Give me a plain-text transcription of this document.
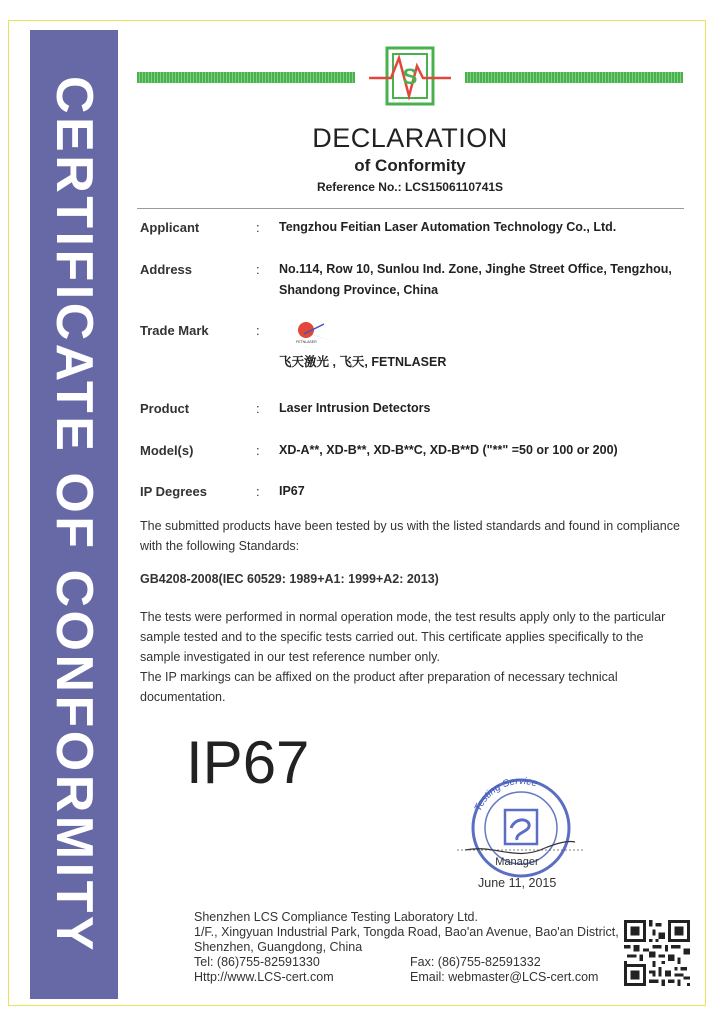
CERTIFICATE OF CONFORMITY	S
DECLARATION
of Conformity
Reference No.: LCS1506110741S
Applicant	: Tengzhou Feitian Laser Automation Technology Co., Ltd.
Address	: No.114, Row 10, Sunlou Ind. Zone, Jinghe Street Office, Tengzhou,
Shandong Province, China
Trade Mark	:
FETNLASER
飞天激光 , 飞天, FETNLASER
Product	: Laser Intrusion Detectors
Model(s)	: XD-A**, XD-B**, XD-B**C, XD-B**D ("**" =50 or 100 or 200)
IP Degrees	: IP67
The submitted products have been tested by us with the listed standards and found in compliance
with the following Standards:
GB4208-2008(IEC 60529: 1989+A1: 1999+A2: 2013)
The tests were performed in normal operation mode, the test results apply only to the particular
sample tested and to the specific tests carried out. This certificate applies specifically to the
sample investigated in our test reference number only.
The IP markings can be affixed on the product after preparation of necessary technical
documentation.
IP67
Testing Service
Manager
June 11, 2015
Shenzhen LCS Compliance Testing Laboratory Ltd.
1/F., Xingyuan Industrial Park, Tongda Road, Bao'an Avenue, Bao'an District,
Shenzhen, Guangdong, China
Tel: (86)755-82591330	Fax: (86)755-82591332
Http://www.LCS-cert.com	Email: webmaster@LCS-cert.com
